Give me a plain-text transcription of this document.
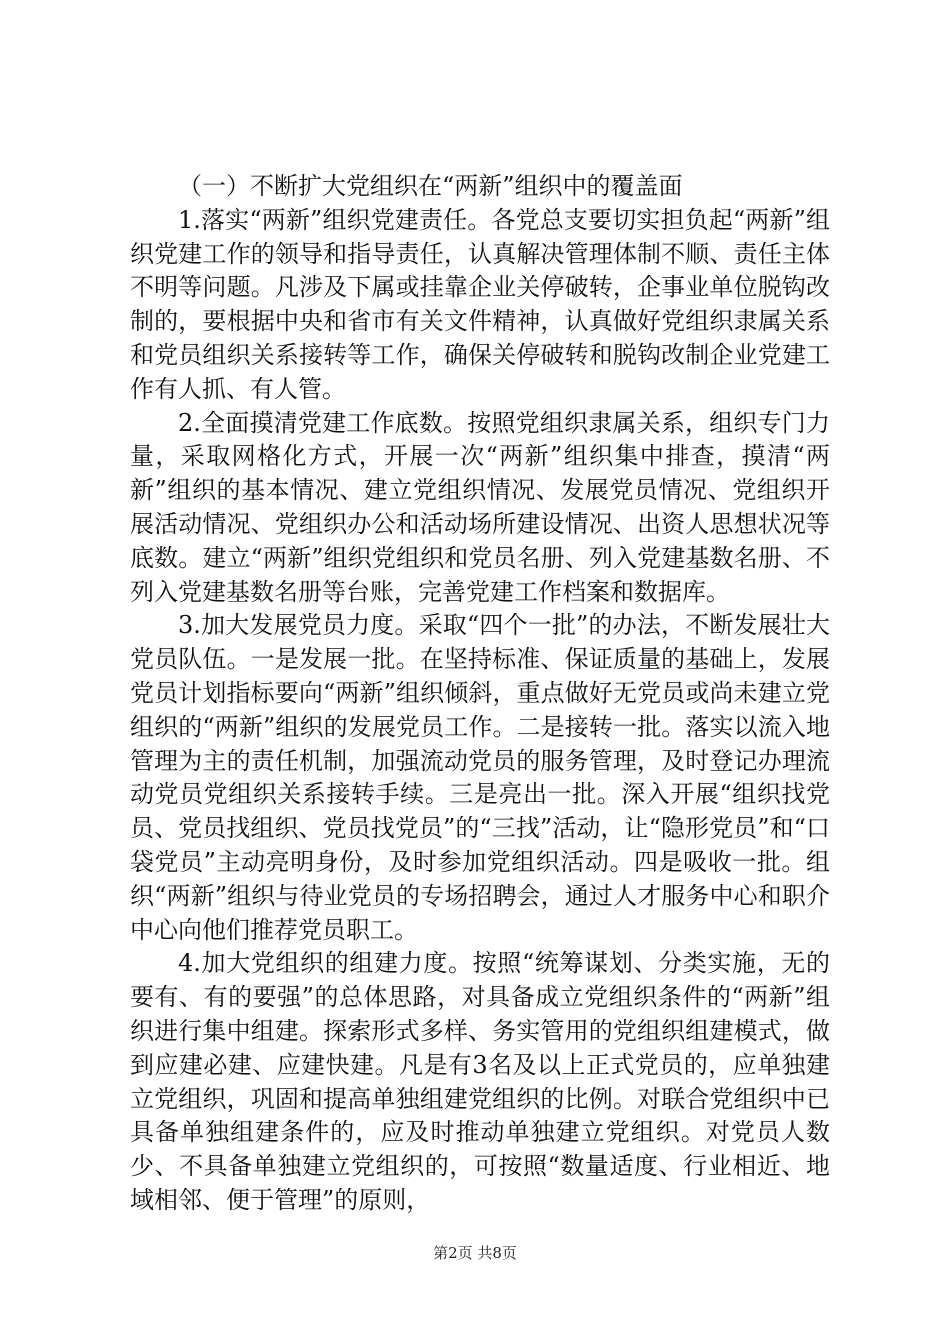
（一）不断扩大党组织在“两新”组织中的覆盖面

1.落实“两新”组织党建责任。各党总支要切实担负起“两新”组织党建工作的领导和指导责任，认真解决管理体制不顺、责任主体不明等问题。凡涉及下属或挂靠企业关停破转，企事业单位脱钩改制的，要根据中央和省市有关文件精神，认真做好党组织隶属关系和党员组织关系接转等工作，确保关停破转和脱钩改制企业党建工作有人抓、有人管。

2.全面摸清党建工作底数。按照党组织隶属关系，组织专门力量，采取网格化方式，开展一次“两新”组织集中排查，摸清“两新”组织的基本情况、建立党组织情况、发展党员情况、党组织开展活动情况、党组织办公和活动场所建设情况、出资人思想状况等底数。建立“两新”组织党组织和党员名册、列入党建基数名册、不列入党建基数名册等台账，完善党建工作档案和数据库。

3.加大发展党员力度。采取“四个一批”的办法，不断发展壮大党员队伍。一是发展一批。在坚持标准、保证质量的基础上，发展党员计划指标要向“两新”组织倾斜，重点做好无党员或尚未建立党组织的“两新”组织的发展党员工作。二是接转一批。落实以流入地管理为主的责任机制，加强流动党员的服务管理，及时登记办理流动党员党组织关系接转手续。三是亮出一批。深入开展“组织找党员、党员找组织、党员找党员”的“三找”活动，让“隐形党员”和“口袋党员”主动亮明身份，及时参加党组织活动。四是吸收一批。组织“两新”组织与待业党员的专场招聘会，通过人才服务中心和职介中心向他们推荐党员职工。

4.加大党组织的组建力度。按照“统筹谋划、分类实施，无的要有、有的要强”的总体思路，对具备成立党组织条件的“两新”组织进行集中组建。探索形式多样、务实管用的党组织组建模式，做到应建必建、应建快建。凡是有3名及以上正式党员的，应单独建立党组织，巩固和提高单独组建党组织的比例。对联合党组织中已具备单独组建条件的，应及时推动单独建立党组织。对党员人数少、不具备单独建立党组织的，可按照“数量适度、行业相近、地域相邻、便于管理”的原则，

第2页 共8页
